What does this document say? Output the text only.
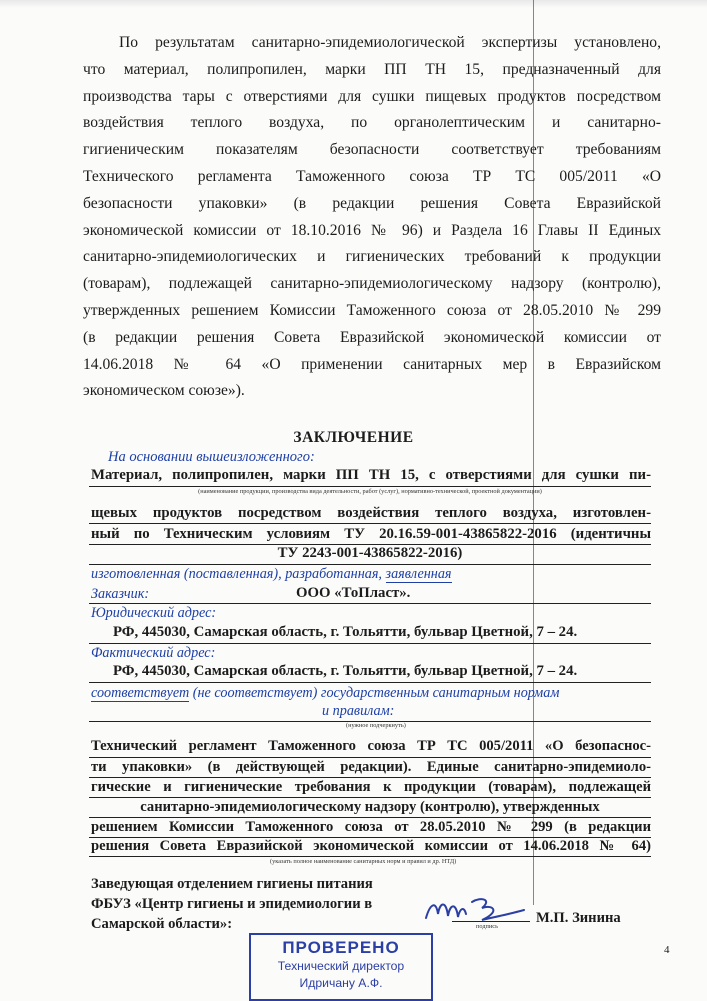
По результатам санитарно-эпидемиологической экспертизы установлено,
что материал, полипропилен, марки ПП ТН 15, предназначенный для
производства тары с отверстиями для сушки пищевых продуктов посредством
воздействия теплого воздуха, по органолептическим и санитарно-
гигиеническим показателям безопасности соответствует требованиям
Технического регламента Таможенного союза ТР ТС 005/2011 «О
безопасности упаковки» (в редакции решения Совета Евразийской
экономической комиссии от 18.10.2016 № 96) и Раздела 16 Главы II Единых
санитарно-эпидемиологических и гигиенических требований к продукции
(товарам), подлежащей санитарно-эпидемиологическому надзору (контролю),
утвержденных решением Комиссии Таможенного союза от 28.05.2010 № 299
(в редакции решения Совета Евразийской экономической комиссии от
14.06.2018 № 64 «О применении санитарных мер в Евразийском
экономическом союзе»).
ЗАКЛЮЧЕНИЕ
На основании вышеизложенного:
Материал, полипропилен, марки ПП ТН 15, с отверстиями для сушки пи-
(наименование продукции, производства вида деятельности, работ (услуг), нормативно-технической, проектной документации)
щевых продуктов посредством воздействия теплого воздуха, изготовлен-
ный по Техническим условиям ТУ 20.16.59-001-43865822-2016 (идентичны
ТУ 2243-001-43865822-2016)
изготовленная (поставленная), разработанная, заявленная
Заказчик:	ООО «ТоПласт».
Юридический адрес:
РФ, 445030, Самарская область, г. Тольятти, бульвар Цветной, 7 – 24.
Фактический адрес:
РФ, 445030, Самарская область, г. Тольятти, бульвар Цветной, 7 – 24.
соответствует (не соответствует) государственным санитарным нормам
и правилам:
(нужное подчеркнуть)
Технический регламент Таможенного союза ТР ТС 005/2011 «О безопаснос-
ти упаковки» (в действующей редакции). Единые санитарно-эпидемиоло-
гические и гигиенические требования к продукции (товарам), подлежащей
санитарно-эпидемиологическому надзору (контролю), утвержденных
решением Комиссии Таможенного союза от 28.05.2010 № 299 (в редакции
решения Совета Евразийской экономической комиссии от 14.06.2018 № 64)
(указать полное наименование санитарных норм и правил и др. НТД)
Заведующая отделением гигиены питания
ФБУЗ «Центр гигиены и эпидемиологии в
Самарской области»:	подпись
М.П. Зинина
ПРОВЕРЕНО
Технический директор
Идричану А.Ф.
4
